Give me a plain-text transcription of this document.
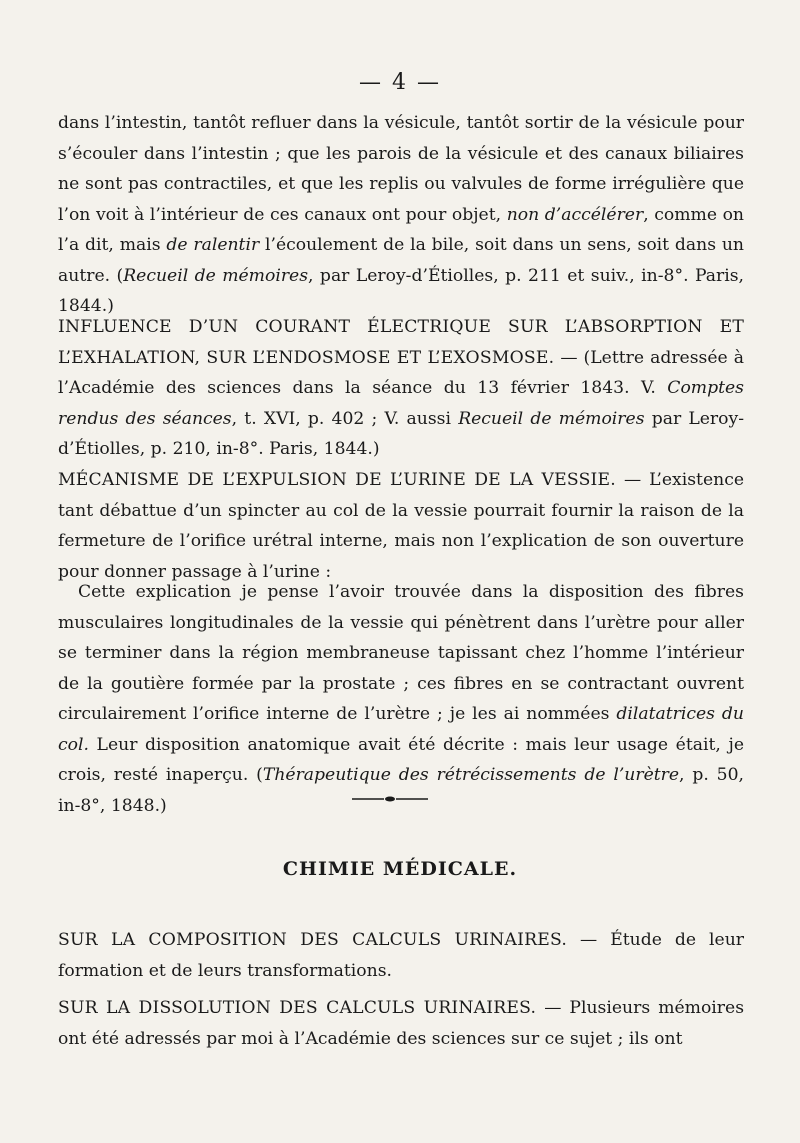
— 4 —

dans l’intestin, tantôt refluer dans la vésicule, tantôt sortir de la vésicule pour s’écouler dans l’intestin ; que les parois de la vésicule et des canaux biliaires ne sont pas contractiles, et que les replis ou valvules de forme irrégulière que l’on voit à l’intérieur de ces canaux ont pour objet, non d’accélérer, comme on l’a dit, mais de ralentir l’écoulement de la bile, soit dans un sens, soit dans un autre. (Recueil de mémoires, par Leroy-d’Étiolles, p. 211 et suiv., in-8°. Paris, 1844.)

INFLUENCE D’UN COURANT ÉLECTRIQUE SUR L’ABSORPTION ET L’EXHALATION, SUR L’ENDOSMOSE ET L’EXOSMOSE. — (Lettre adressée à l’Académie des sciences dans la séance du 13 février 1843. V. Comptes rendus des séances, t. XVI, p. 402 ; V. aussi Recueil de mémoires par Leroy-d’Étiolles, p. 210, in-8°. Paris, 1844.)

MÉCANISME DE L’EXPULSION DE L’URINE DE LA VESSIE. — L’existence tant débattue d’un spincter au col de la vessie pourrait fournir la raison de la fermeture de l’orifice urétral interne, mais non l’explication de son ouverture pour donner passage à l’urine :

Cette explication je pense l’avoir trouvée dans la disposition des fibres musculaires longitudinales de la vessie qui pénètrent dans l’urètre pour aller se terminer dans la région membraneuse tapissant chez l’homme l’intérieur de la goutière formée par la prostate ; ces fibres en se contractant ouvrent circulairement l’orifice interne de l’urètre ; je les ai nommées dilatatrices du col. Leur disposition anatomique avait été décrite : mais leur usage était, je crois, resté inaperçu. (Thérapeutique des rétrécissements de l’urètre, p. 50, in-8°, 1848.)

CHIMIE MÉDICALE.

SUR LA COMPOSITION DES CALCULS URINAIRES. — Étude de leur formation et de leurs transformations.

SUR LA DISSOLUTION DES CALCULS URINAIRES. — Plusieurs mémoires ont été adressés par moi à l’Académie des sciences sur ce sujet ; ils ont
